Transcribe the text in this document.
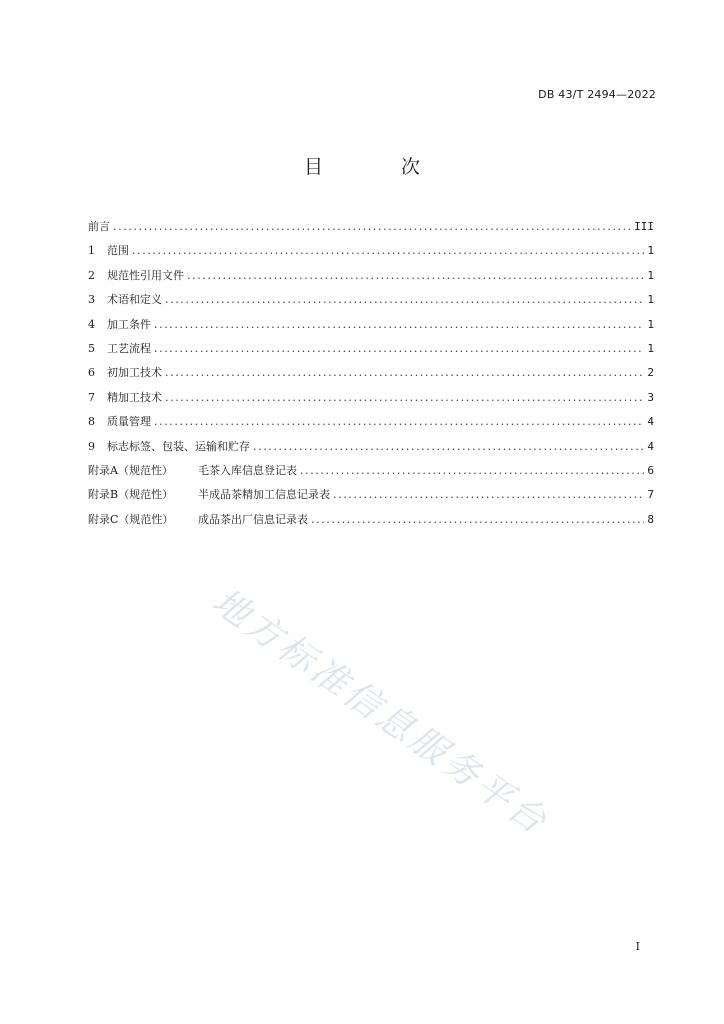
DB 43/T 2494—2022
目 次
前言 .....	III
1	范围 .....	1
2	规范性引用文件 .....	1
3	术语和定义 .....	1
4	加工条件 .....	1
5	工艺流程 .....	1
6	初加工技术 .....	2
7	精加工技术 .....	3
8	质量管理 .....	4
9	标志标签、包装、运输和贮存 .....	4
附录A（规范性）	毛茶入库信息登记表 .....	6
附录B（规范性）	半成品茶精加工信息记录表 .....	7
附录C（规范性）	成品茶出厂信息记录表 .....	8
地方标准信息服务平台
I
